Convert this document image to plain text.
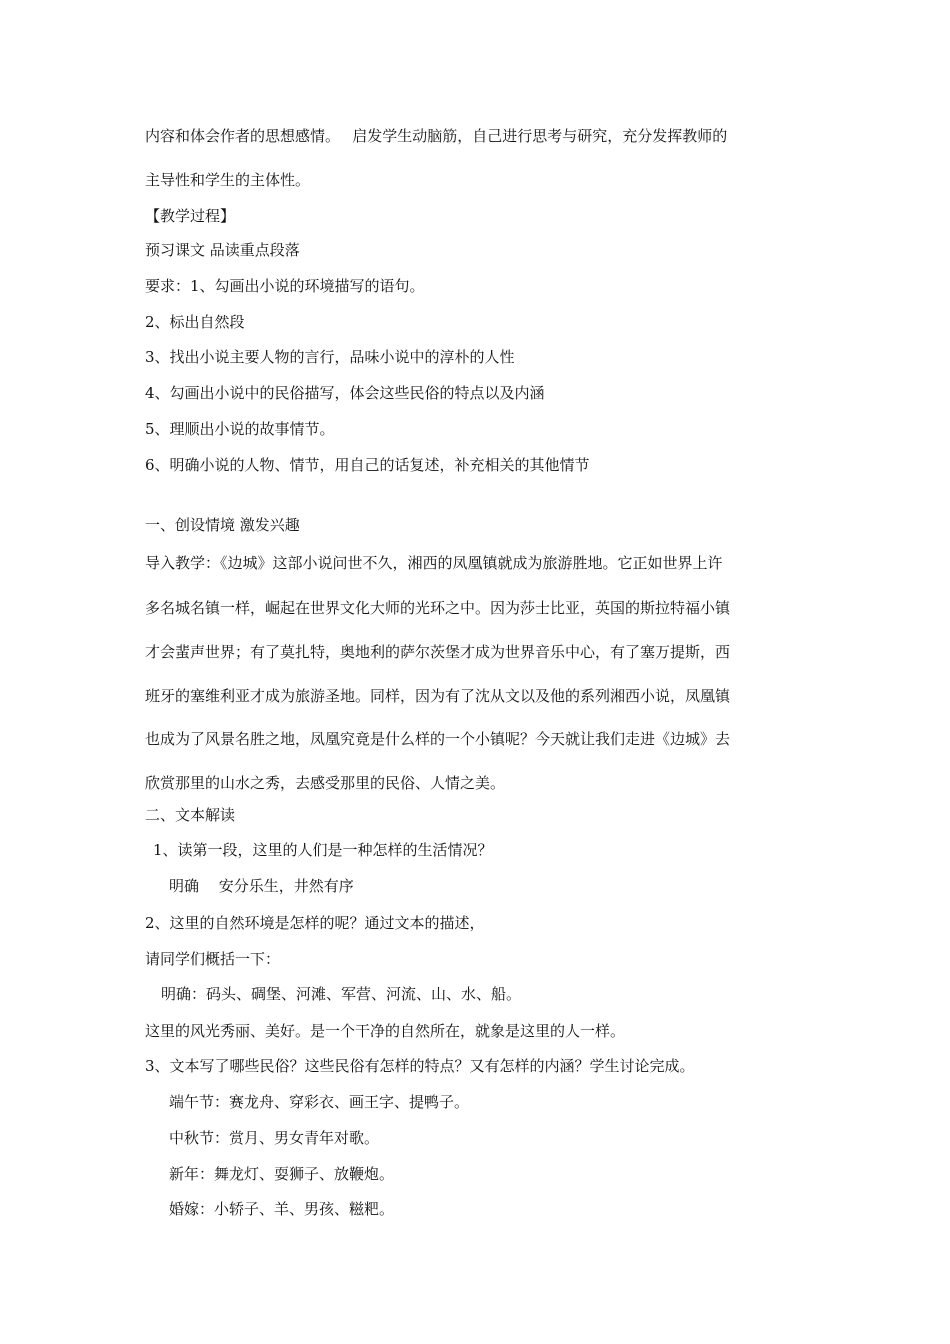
内容和体会作者的思想感情。　 启发学生动脑筋，自己进行思考与研究，充分发挥教师的
主导性和学生的主体性。
【教学过程】
预习课文 品读重点段落
要求：1、勾画出小说的环境描写的语句。
2、标出自然段
3、找出小说主要人物的言行，品味小说中的淳朴的人性
4、勾画出小说中的民俗描写，体会这些民俗的特点以及内涵
5、理顺出小说的故事情节。
6、明确小说的人物、情节，用自己的话复述，补充相关的其他情节
一、创设情境 激发兴趣
导入教学：《边城》这部小说问世不久，湘西的凤凰镇就成为旅游胜地。它正如世界上许
多名城名镇一样，崛起在世界文化大师的光环之中。因为莎士比亚，英国的斯拉特福小镇
才会蜚声世界；有了莫扎特，奥地利的萨尔茨堡才成为世界音乐中心，有了塞万提斯，西
班牙的塞维利亚才成为旅游圣地。同样，因为有了沈从文以及他的系列湘西小说，凤凰镇
也成为了风景名胜之地，凤凰究竟是什么样的一个小镇呢？今天就让我们走进《边城》去
欣赏那里的山水之秀，去感受那里的民俗、人情之美。
二、文本解读
1、读第一段，这里的人们是一种怎样的生活情况？
明确　 安分乐生，井然有序
2、这里的自然环境是怎样的呢？通过文本的描述，
请同学们概括一下：
明确：码头、碉堡、河滩、军营、河流、山、水、船。
这里的风光秀丽、美好。是一个干净的自然所在，就象是这里的人一样。
3、文本写了哪些民俗？这些民俗有怎样的特点？又有怎样的内涵？学生讨论完成。
端午节：赛龙舟、穿彩衣、画王字、提鸭子。
中秋节：赏月、男女青年对歌。
新年：舞龙灯、耍狮子、放鞭炮。
婚嫁：小轿子、羊、男孩、糍粑。
